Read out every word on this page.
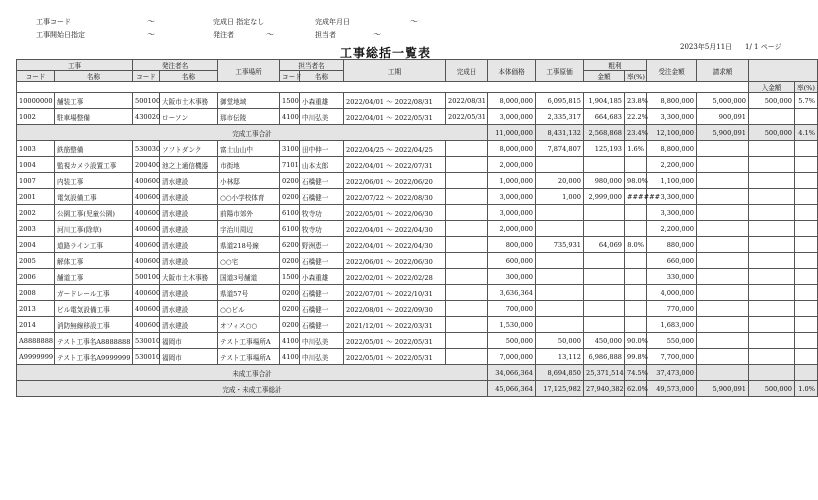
工事コード	～	完成日 指定なし	完成年月日	～
工事開始日指定	～	発注者	～	担当者	～
工事総括一覧表	2023年5月11日 1/ 1 ページ
工事		発注者名		工事場所	担当者名		工期	完成日	本体価格	工事原価	粗利		受注金額	請求額		
コード	名称	コード	名称		コード	名称					金額	率(%)				
															入金額	率(%)
10000000	舗装工事	500100	大阪市土木事務	御堂地域	1500	小森重雄	2022/04/01 ～ 2022/08/31	2022/08/31	8,000,000	6,095,815	1,904,185	23.8%	8,800,000	5,000,000	500,000	5.7%
1002	駐車場整備	430020	ローソン	那市伝陵	4100	中川弘美	2022/04/01 ～ 2022/05/31	2022/05/31	3,000,000	2,335,317	664,683	22.2%	3,300,000	900,091		
完成工事合計									11,000,000	8,431,132	2,568,868	23.4%	12,100,000	5,900,091	500,000	4.1%
1003	鉄筋整備	530030	ソフトダンク	富士山山中	3100	田中伸一	2022/04/25 ～ 2022/04/25		8,000,000	7,874,807	125,193	1.6%	8,800,000			
1004	監視カメラ設置工事	200400	池之上通信機器	市街地	7101	山本太郎	2022/04/01 ～ 2022/07/31		2,000,000				2,200,000			
1007	内装工事	400600	清水建設	小林邸	0200	石橋健一	2022/06/01 ～ 2022/06/20		1,000,000	20,000	980,000	98.0%	1,100,000			
2001	電気設備工事	400600	清水建設	○○小学校体育	0200	石橋健一	2022/07/22 ～ 2022/08/30		3,000,000	1,000	2,999,000	######	3,300,000			
2002	公園工事(児童公園)	400600	清水建設	前陽市郊外	6100	牧寺功	2022/05/01 ～ 2022/06/30		3,000,000				3,300,000			
2003	河川工事(除草)	400600	清水建設	宇治川周辺	6100	牧寺功	2022/04/01 ～ 2022/04/30		2,000,000				2,200,000			
2004	道路ライン工事	400600	清水建設	県道218号線	6200	野洲恵一	2022/04/01 ～ 2022/04/30		800,000	735,931	64,069	8.0%	880,000			
2005	解体工事	400600	清水建設	○○宅	0200	石橋健一	2022/06/01 ～ 2022/06/30		600,000				660,000			
2006	舗道工事	500100	大阪市土木事務	国道3号舗道	1500	小森重雄	2022/02/01 ～ 2022/02/28		300,000				330,000			
2008	ガードレール工事	400600	清水建設	県道57号	0200	石橋健一	2022/07/01 ～ 2022/10/31		3,636,364				4,000,000			
2013	ビル電気設備工事	400600	清水建設	○○ビル	0200	石橋健一	2022/08/01 ～ 2022/09/30		700,000				770,000			
2014	消防無線移設工事	400600	清水建設	オフィス○○	0200	石橋健一	2021/12/01 ～ 2022/03/31		1,530,000				1,683,000			
A8888888	テスト工事名A8888888	530010	福岡市	テスト工事場所A	4100	中川弘美	2022/05/01 ～ 2022/05/31		500,000	50,000	450,000	90.0%	550,000			
A9999999	テスト工事名A9999999	530010	福岡市	テスト工事場所A	4100	中川弘美	2022/05/01 ～ 2022/05/31		7,000,000	13,112	6,986,888	99.8%	7,700,000			
未成工事合計									34,066,364	8,694,850	25,371,514	74.5%	37,473,000			
完成・未成工事総計									45,066,364	17,125,982	27,940,382	62.0%	49,573,000	5,900,091	500,000	1.0%
